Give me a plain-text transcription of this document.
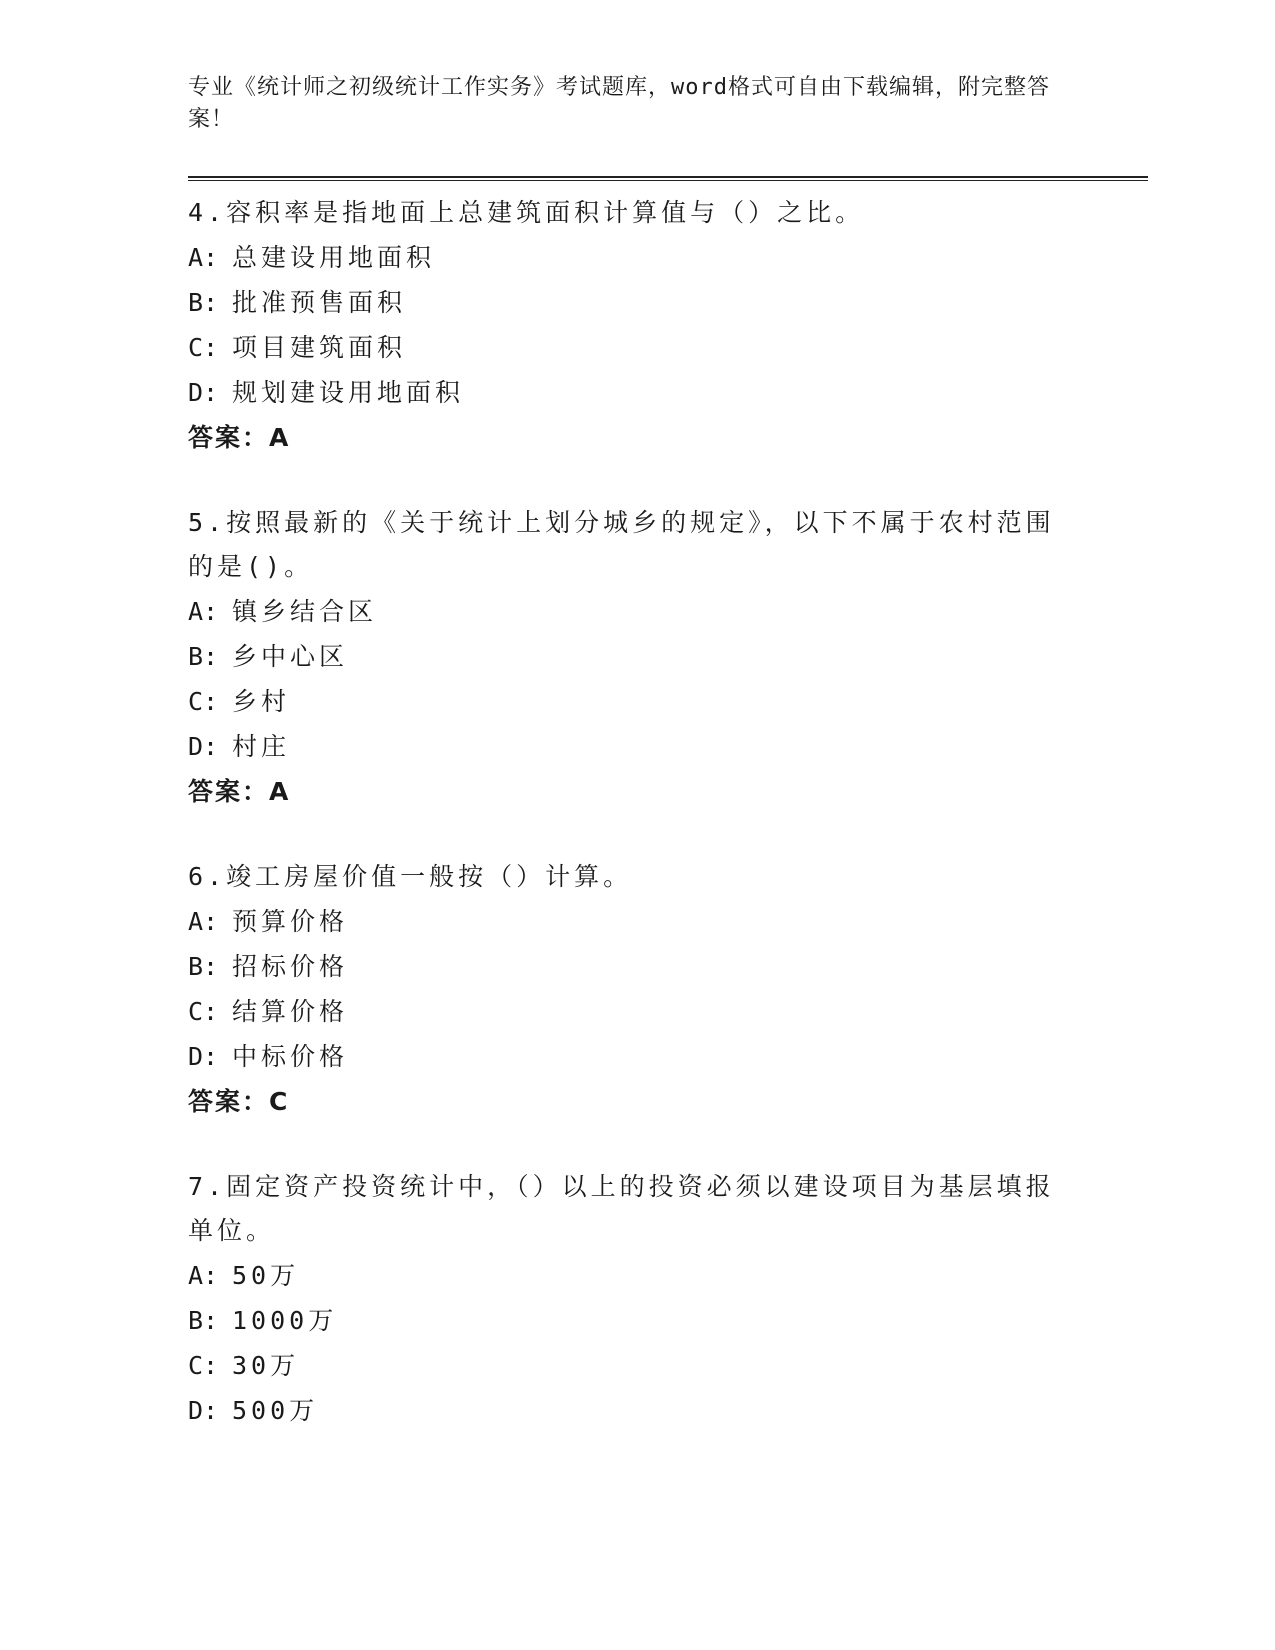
专业《统计师之初级统计工作实务》考试题库，word格式可自由下载编辑，附完整答案！

4.容积率是指地面上总建筑面积计算值与（）之比。

A: 总建设用地面积

B: 批准预售面积

C: 项目建筑面积

D: 规划建设用地面积

答案：A

5.按照最新的《关于统计上划分城乡的规定》，以下不属于农村范围的是()。

A: 镇乡结合区

B: 乡中心区

C: 乡村

D: 村庄

答案：A

6.竣工房屋价值一般按（）计算。

A: 预算价格

B: 招标价格

C: 结算价格

D: 中标价格

答案：C

7.固定资产投资统计中，（）以上的投资必须以建设项目为基层填报单位。

A: 50万

B: 1000万

C: 30万

D: 500万
